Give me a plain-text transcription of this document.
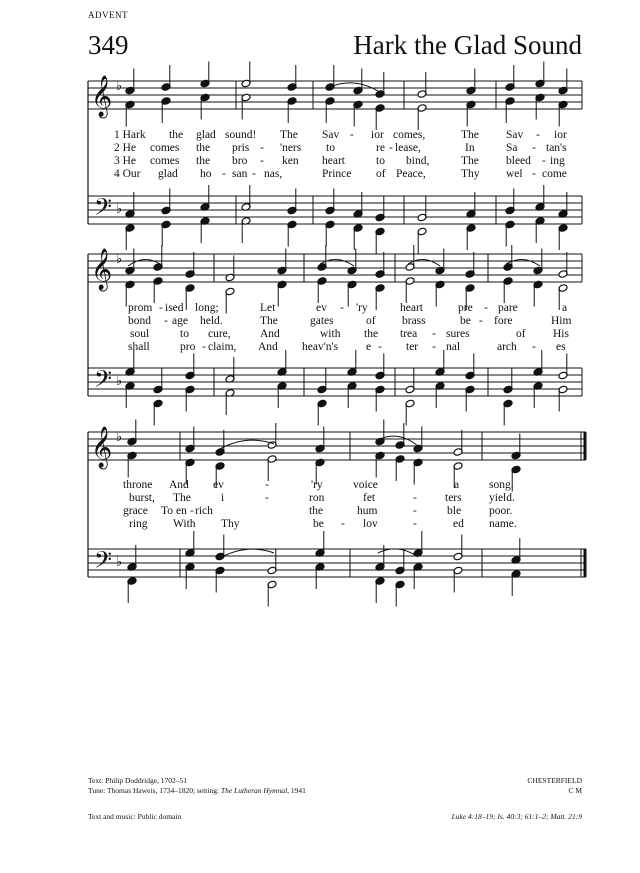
ADVENT
349	Hark the Glad Sound
𝄞
𝄢
♭
♭
𝄞
𝄢
♭
♭
𝄞
𝄢
♭
♭
1 Hark the glad sound! The Sav - ior comes,	The Sav - ior
2 He comes the pris - 'ners to	re - lease,	In	Sa - tan's
3 He comes the bro - ken heart	to bind,	The bleed - ing
4 Our glad ho - san - nas,	Prince of Peace,	Thy wel - come
prom - ised long;	Let	ev - 'ry	heart	pre - pare	a
bond - age held.	The	gates	of brass	be - fore	Him
soul	to cure,	And	with the trea - sures	of His
shall	pro - claim, And heav'n's e - ter - nal	arch - es
throne And ev	-	'ry	voice	a	song.
burst, The	i	-	ron	fet	- ters yield.
grace To en - rich	the	hum	-	ble poor.
ring With Thy	be - lov	-	ed name.
Text: Philip Doddridge, 1702–51
Tune: Thomas Haweis, 1734–1820; setting: The Lutheran Hymnal, 1941
CHESTERFIELD
C M
Text and music: Public domain	Luke 4:18–19; Is. 40:3; 61:1–2; Matt. 21:9
